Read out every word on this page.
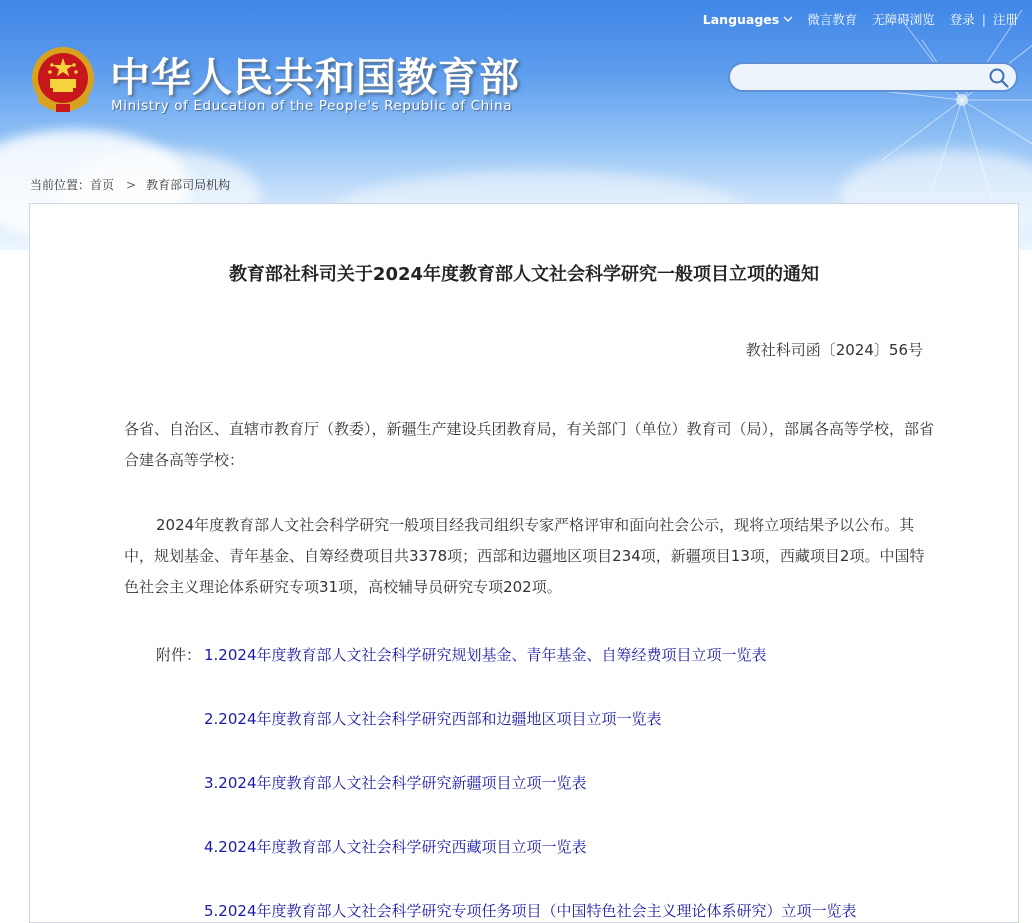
Languages 微言教育 无障碍浏览 登录 | 注册
中华人民共和国教育部
Ministry of Education of the People's Republic of China
当前位置： 首页 > 教育部司局机构
教育部社科司关于2024年度教育部人文社会科学研究一般项目立项的通知
教社科司函〔2024〕56号
各省、自治区、直辖市教育厅（教委），新疆生产建设兵团教育局，有关部门（单位）教育司（局），部属各高等学校，部省合建各高等学校：
2024年度教育部人文社会科学研究一般项目经我司组织专家严格评审和面向社会公示，现将立项结果予以公布。其中，规划基金、青年基金、自筹经费项目共3378项；西部和边疆地区项目234项，新疆项目13项，西藏项目2项。中国特色社会主义理论体系研究专项31项，高校辅导员研究专项202项。
附件： 1.2024年度教育部人文社会科学研究规划基金、青年基金、自筹经费项目立项一览表
2.2024年度教育部人文社会科学研究西部和边疆地区项目立项一览表
3.2024年度教育部人文社会科学研究新疆项目立项一览表
4.2024年度教育部人文社会科学研究西藏项目立项一览表
5.2024年度教育部人文社会科学研究专项任务项目（中国特色社会主义理论体系研究）立项一览表
